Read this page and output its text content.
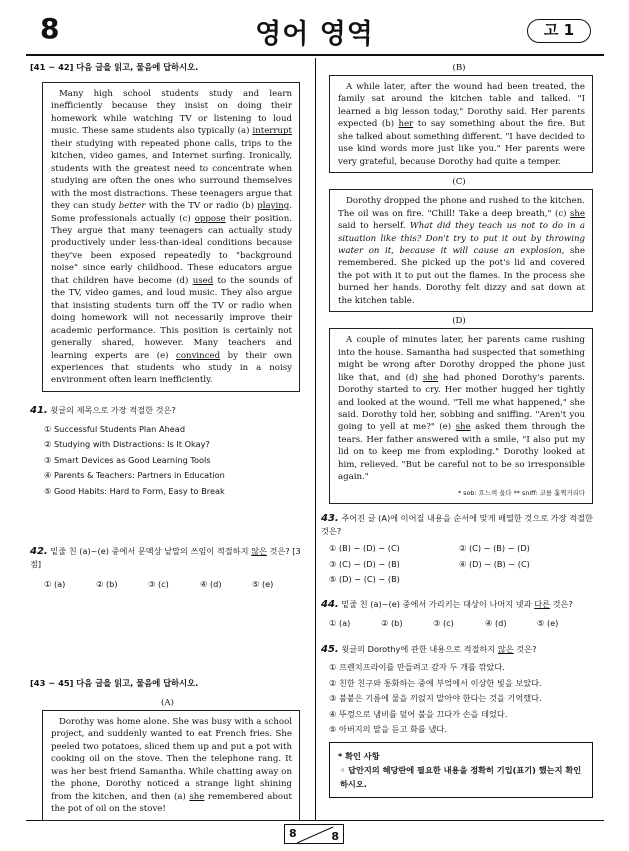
8	영어 영역	고 1
[41 ~ 42] 다음 글을 읽고, 물음에 답하시오.
Many high school students study and learn inefficiently because they insist on doing their homework while watching TV or listening to loud music. These same students also typically (a) interrupt their studying with repeated phone calls, trips to the kitchen, video games, and Internet surfing. Ironically, students with the greatest need to concentrate when studying are often the ones who surround themselves with the most distractions. These teenagers argue that they can study better with the TV or radio (b) playing. Some professionals actually (c) oppose their position. They argue that many teenagers can actually study productively under less-than-ideal conditions because they've been exposed repeatedly to "background noise" since early childhood. These educators argue that children have become (d) used to the sounds of the TV, video games, and loud music. They also argue that insisting students turn off the TV or radio when doing homework will not necessarily improve their academic performance. This position is certainly not generally shared, however. Many teachers and learning experts are (e) convinced by their own experiences that students who study in a noisy environment often learn inefficiently.
41. 윗글의 제목으로 가장 적절한 것은?
① Successful Students Plan Ahead
② Studying with Distractions: Is It Okay?
③ Smart Devices as Good Learning Tools
④ Parents & Teachers: Partners in Education
⑤ Good Habits: Hard to Form, Easy to Break
42. 밑줄 친 (a)~(e) 중에서 문맥상 낱말의 쓰임이 적절하지 않은 것은? [3점]
① (a)	② (b)	③ (c)	④ (d)	⑤ (e)
[43 ~ 45] 다음 글을 읽고, 물음에 답하시오.
(A)
Dorothy was home alone. She was busy with a school project, and suddenly wanted to eat French fries. She peeled two potatoes, sliced them up and put a pot with cooking oil on the stove. Then the telephone rang. It was her best friend Samantha. While chatting away on the phone, Dorothy noticed a strange light shining from the kitchen, and then (a) she remembered about the pot of oil on the stove!
(B)
A while later, after the wound had been treated, the family sat around the kitchen table and talked. "I learned a big lesson today," Dorothy said. Her parents expected (b) her to say something about the fire. But she talked about something different. "I have decided to use kind words more just like you." Her parents were very grateful, because Dorothy had quite a temper.
(C)
Dorothy dropped the phone and rushed to the kitchen. The oil was on fire. "Chill! Take a deep breath," (c) she said to herself. What did they teach us not to do in a situation like this? Don't try to put it out by throwing water on it, because it will cause an explosion, she remembered. She picked up the pot's lid and covered the pot with it to put out the flames. In the process she burned her hands. Dorothy felt dizzy and sat down at the kitchen table.
(D)
A couple of minutes later, her parents came rushing into the house. Samantha had suspected that something might be wrong after Dorothy dropped the phone just like that, and (d) she had phoned Dorothy's parents. Dorothy started to cry. Her mother hugged her tightly and looked at the wound. "Tell me what happened," she said. Dorothy told her, sobbing and sniffing. "Aren't you going to yell at me?" (e) she asked them through the tears. Her father answered with a smile, "I also put my lid on to keep me from exploding." Dorothy looked at him, relieved. "But be careful not to be so irresponsible again."
* sob: 흐느껴 울다 ** sniff: 코를 훌쩍거리다
43. 주어진 글 (A)에 이어질 내용을 순서에 맞게 배열한 것으로 가장 적절한 것은?
① (B) − (D) − (C)	② (C) − (B) − (D)
③ (C) − (D) − (B)	④ (D) − (B) − (C)
⑤ (D) − (C) − (B)
44. 밑줄 친 (a)~(e) 중에서 가리키는 대상이 나머지 넷과 다른 것은?
① (a)	② (b)	③ (c)	④ (d)	⑤ (e)
45. 윗글의 Dorothy에 관한 내용으로 적절하지 않은 것은?
① 프렌치프라이를 만들려고 감자 두 개를 깎았다.
② 친한 친구와 통화하는 중에 부엌에서 이상한 빛을 보았다.
③ 불붙은 기름에 물을 끼얹지 말아야 한다는 것을 기억했다.
④ 뚜껑으로 냄비를 덮어 불을 끄다가 손을 데었다.
⑤ 아버지의 말을 듣고 화를 냈다.
* 확인 사항
◦ 답안지의 해당란에 필요한 내용을 정확히 기입(표기) 했는지 확인하시오.
8	8
